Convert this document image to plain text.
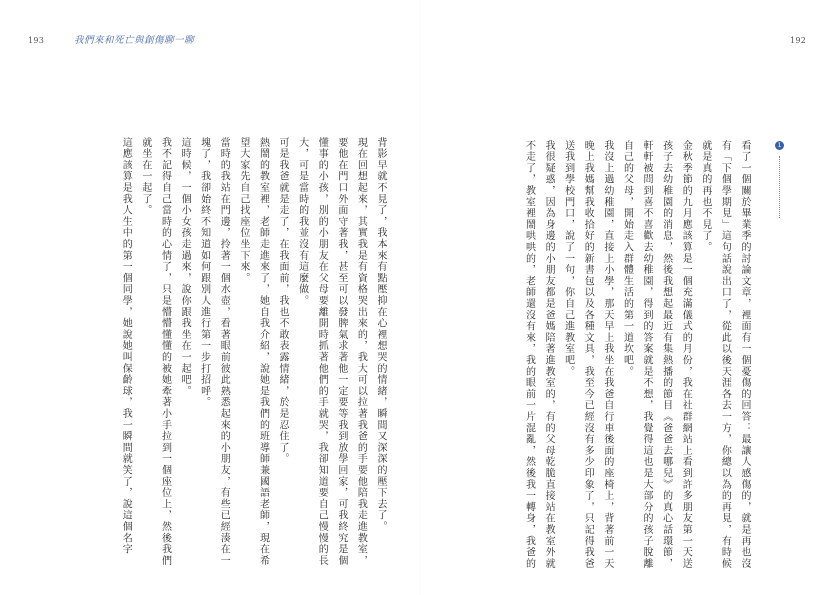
193	我們來和死亡與創傷聊一聊	192
1

看了一個關於畢業季的討論文章，裡面有一個憂傷的回答：最讓人感傷的，就是再也沒有「下個學期見」這句話說出口了，從此以後天涯各去一方，你總以為的再見，有時候就是真的再也不見了。

金秋季節的九月應該算是一個充滿儀式的月份，我在社群網站上看到許多朋友第一天送孩子去幼稚園的消息，然後我想起最近有集熱播的節目《爸爸去哪兒》的真心話環節，軒軒被問到喜不喜歡去幼稚園，得到的答案就是不想，我覺得這也是大部分的孩子脫離自己的父母，開始走入群體生活的第一道坎吧。

我沒上過幼稚園，直接上小學，那天早上我坐在我爸自行車後面的座椅上，背著前一天晚上我媽幫我收拾好的新書包以及各種文具，我至今已經沒有多少印象了，只記得我爸送我到學校門口，說了一句，你自己進教室吧。

我很疑惑，因為身邊的小朋友都是爸媽陪著進教室的，有的父母乾脆直接站在教室外就不走了，教室裡鬧哄哄的，老師還沒有來，我的眼前一片混亂，然後我一轉身，我爸的

背影早就不見了，我本來有點壓抑在心裡想哭的情緒，瞬間又深深的壓下去了。

現在回想起來，其實我是有資格哭出來的，我大可以拉著我爸的手要他陪我走進教室，要他在門口外面守著我，甚至可以發脾氣求著他一定要等我到放學回家，可我終究是個懂事的小孩，別的小朋友在父母要離開時抓著他們的手就哭，我卻知道要自己慢慢的長大，可是當時的我並沒有這麼做。

可是我爸就是走了，在我面前，我也不敢表露情緒，於是忍住了。

熱鬧的教室裡，老師走進來了，她自我介紹，說她是我們的班導師兼國語老師，現在希望大家先自己找座位坐下來。

當時的我站在門邊，拎著一個水壺，看著眼前彼此熟悉起來的小朋友，有些已經湊在一塊了，我卻始終不知道如何跟別人進行第一步打招呼。

這時候，一個小女孩走過來，說你跟我坐在一起吧。

我不記得自己當時的心情了，只是懵懵懂懂的被她牽著小手拉到一個座位上，然後我們就坐在一起了。

這應該算是我人生中的第一個同學，她說她叫保齡球，我一瞬間就笑了，說這個名字
